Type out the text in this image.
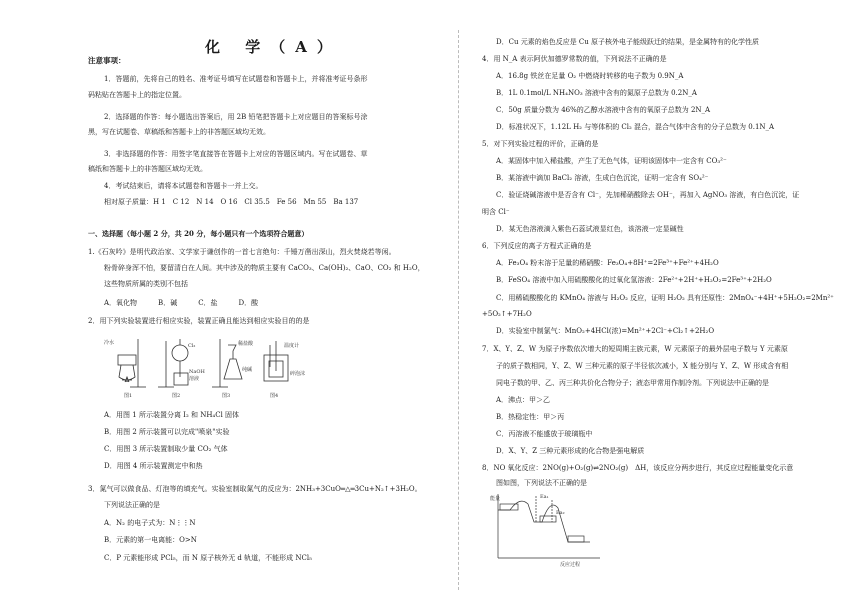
化 学（A）
注意事项：
1．答题前，先将自己的姓名、准考证号填写在试题卷和答题卡上，并将准考证号条形
码粘贴在答题卡上的指定位置。
2．选择题的作答：每小题选出答案后，用 2B 铅笔把答题卡上对应题目的答案标号涂
黑，写在试题卷、草稿纸和答题卡上的非答题区域均无效。
3．非选择题的作答：用签字笔直接答在答题卡上对应的答题区域内。写在试题卷、草
稿纸和答题卡上的非答题区域均无效。
4．考试结束后，请将本试题卷和答题卡一并上交。
相对原子质量：H 1　C 12　N 14　O 16　Cl 35.5　Fe 56　Mn 55　Ba 137
一、选择题（每小题 2 分，共 20 分，每小题只有一个选项符合题意）
1.《石灰吟》是明代政治家、文学家于谦创作的一首七言绝句：千锤万凿出深山，烈火焚烧若等闲。
粉骨碎身浑不怕，要留清白在人间。其中涉及的物质主要有 CaCO₃、Ca(OH)₂、CaO、CO₂ 和 H₂O，
这些物质所属的类别不包括
A．氧化物　　　B．碱　　　C．盐　　　D．酸
2．用下列实验装置进行相应实验，装置正确且能达到相应实验目的的是
冷水	Cl₂
NaOH
溶液
稀盐酸
纯碱
温度计
碎泡沫
图1	图2	图3	图4
A．用图 1 所示装置分离 I₂ 和 NH₄Cl 固体
B．用图 2 所示装置可以完成"喷泉"实验
C．用图 3 所示装置制取少量 CO₂ 气体
D．用图 4 所示装置测定中和热
3．氮气可以做食品、灯泡等的填充气。实验室制取氮气的反应为：2NH₃+3CuO═△═3Cu+N₂↑+3H₂O。
下列说法正确的是
A．N₂ 的电子式为：N⋮⋮N
B．元素的第一电离能：O>N
C．P 元素能形成 PCl₅，而 N 原子核外无 d 轨道，不能形成 NCl₅
D．Cu 元素的焰色反应是 Cu 原子核外电子能级跃迁的结果，是金属特有的化学性质
4．用 N_A 表示阿伏加德罗常数的值，下列说法不正确的是
A．16.8g 铁丝在足量 O₂ 中燃烧时转移的电子数为 0.9N_A
B．1L 0.1mol/L NH₄NO₃ 溶液中含有的氮原子总数为 0.2N_A
C．50g 质量分数为 46%的乙醇水溶液中含有的氧原子总数为 2N_A
D．标准状况下，1.12L H₂ 与等体积的 Cl₂ 混合，混合气体中含有的分子总数为 0.1N_A
5．对下列实验过程的评价，正确的是
A．某固体中加入稀盐酸，产生了无色气体，证明该固体中一定含有 CO₃²⁻
B．某溶液中滴加 BaCl₂ 溶液，生成白色沉淀，证明一定含有 SO₄²⁻
C．验证烧碱溶液中是否含有 Cl⁻，先加稀硝酸除去 OH⁻，再加入 AgNO₃ 溶液，有白色沉淀，证
明含 Cl⁻
D．某无色溶液滴入紫色石蕊试液显红色，该溶液一定显碱性
6．下列反应的离子方程式正确的是
A．Fe₃O₄ 粉末溶于足量的稀硝酸：Fe₃O₄+8H⁺=2Fe³⁺+Fe²⁺+4H₂O
B．FeSO₄ 溶液中加入用硫酸酸化的过氧化氢溶液：2Fe²⁺+2H⁺+H₂O₂=2Fe³⁺+2H₂O
C．用稀硫酸酸化的 KMnO₄ 溶液与 H₂O₂ 反应，证明 H₂O₂ 具有还原性：2MnO₄⁻+4H⁺+5H₂O₂=2Mn²⁺
+5O₂↑+7H₂O
D．实验室中制氯气：MnO₂+4HCl(浓)=Mn²⁺+2Cl⁻+Cl₂↑+2H₂O
7．X、Y、Z、W 为原子序数依次增大的短周期主族元素，W 元素原子的最外层电子数与 Y 元素原
子的质子数相同，Y、Z、W 三种元素的原子半径依次减小，X 能分别与 Y、Z、W 形成含有相
同电子数的甲、乙、丙三种共价化合物分子；液态甲常用作制冷剂。下列说法中正确的是
A．沸点：甲＞乙
B．热稳定性：甲＞丙
C．丙溶液不能盛放于玻璃瓶中
D．X、Y、Z 三种元素形成的化合物是强电解质
8．NO 氧化反应：2NO(g)+O₂(g)⇌2NO₂(g)　ΔH，该反应分两步进行，其反应过程能量变化示意
图如图，下列说法不正确的是
Ea₁
Ea₂
反应过程
能量
